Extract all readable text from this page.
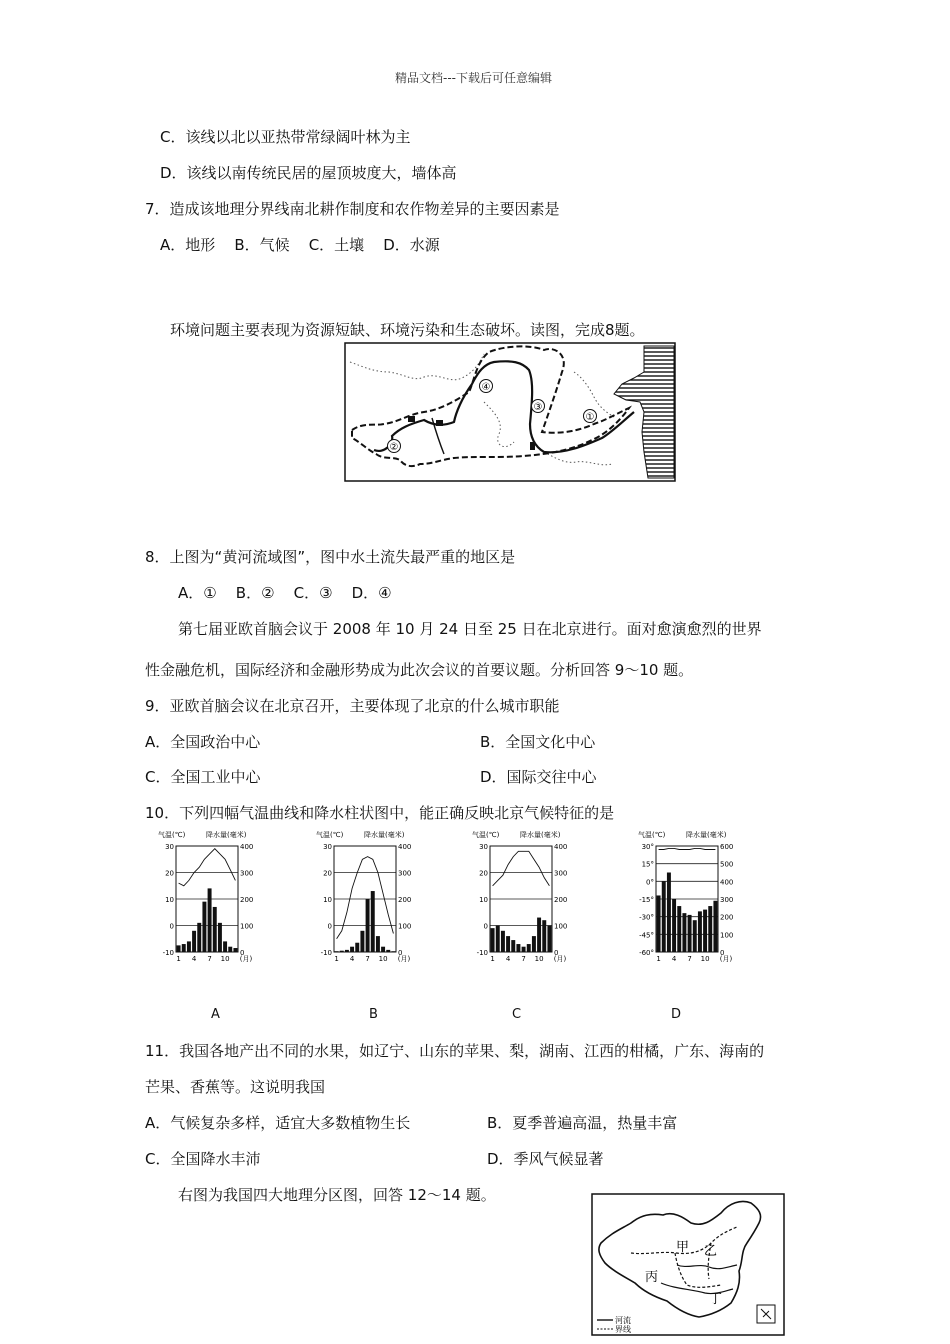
精品文档---下载后可任意编辑
C．该线以北以亚热带常绿阔叶林为主
D．该线以南传统民居的屋顶坡度大，墙体高
7．造成该地理分界线南北耕作制度和农作物差异的主要因素是
A．地形    B．气候    C．土壤    D．水源
环境问题主要表现为资源短缺、环境污染和生态破坏。读图，完成8题。
①
②
③
④
8．上图为“黄河流域图”，图中水土流失最严重的地区是
A．①    B．②    C．③    D．④
第七届亚欧首脑会议于 2008 年 10 月 24 日至 25 日在北京进行。面对愈演愈烈的世界
性金融危机，国际经济和金融形势成为此次会议的首要议题。分析回答 9～10 题。
9．亚欧首脑会议在北京召开，主要体现了北京的什么城市职能
A．全国政治中心	B．全国文化中心
C．全国工业中心	D．国际交往中心
10．下列四幅气温曲线和降水柱状图中，能正确反映北京气候特征的是
气温(℃)	降水量(毫米)
30	400
20	300
10	200
0	100
-10	0
1 4 7 10 (月)
气温(℃)	降水量(毫米)
30	400
20	300
10	200
0	100
-10	0
1 4 7 10 (月)
气温(℃)	降水量(毫米)
30	400
20	300
10	200
0	100
-10	0
1 4 7 10 (月)
气温(℃)	降水量(毫米)
30°	600
15°	500
0°	400
-15°	300
-30°	200
-45°	100
-60°	0
1 4 7 10 (月)
A	B	C	D
11．我国各地产出不同的水果，如辽宁、山东的苹果、梨，湖南、江西的柑橘，广东、海南的
芒果、香蕉等。这说明我国
A．气候复杂多样，适宜大多数植物生长	B．夏季普遍高温，热量丰富
C．全国降水丰沛	D．季风气候显著
右图为我国四大地理分区图，回答 12～14 题。
甲 乙
丙
丁
河流
界线
